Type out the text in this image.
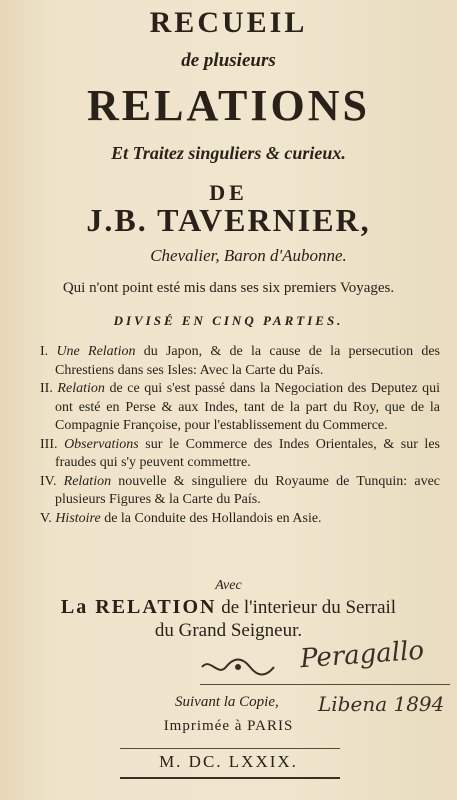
RECUEIL
de plusieurs
RELATIONS
Et Traitez singuliers & curieux.
DE
J.B. TAVERNIER,
Chevalier, Baron d'Aubonne.
Qui n'ont point esté mis dans ses six premiers Voyages.
DIVISÉ EN CINQ PARTIES.
I. Une Relation du Japon, & de la cause de la persecution des Chrestiens dans ses Isles: Avec la Carte du País.
II. Relation de ce qui s'est passé dans la Negociation des Deputez qui ont esté en Perse & aux Indes, tant de la part du Roy, que de la Compagnie Françoise, pour l'establissement du Commerce.
III. Observations sur le Commerce des Indes Orientales, & sur les fraudes qui s'y peuvent commettre.
IV. Relation nouvelle & singuliere du Royaume de Tunquin: avec plusieurs Figures & la Carte du País.
V. Histoire de la Conduite des Hollandois en Asie.
Avec
La RELATION de l'interieur du Serrail
du Grand Seigneur.
Peragallo
Suivant la Copie, Libena 1894
Imprimée à PARIS
M. DC. LXXIX.
